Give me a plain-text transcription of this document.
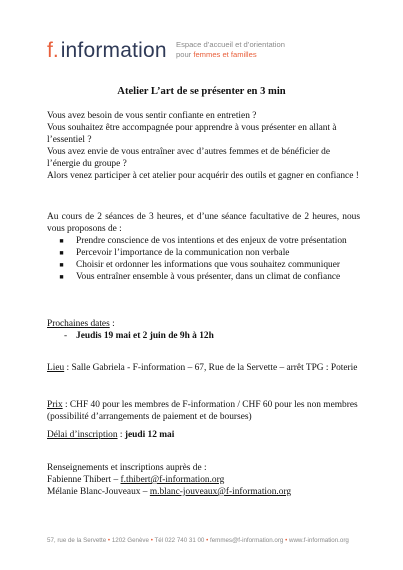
f . information Espace d’accueil et d’orientation
pour femmes et familles
Atelier L’art de se présenter en 3 min
Vous avez besoin de vous sentir confiante en entretien ?
Vous souhaitez être accompagnée pour apprendre à vous présenter en allant à l’essentiel ?
Vous avez envie de vous entraîner avec d’autres femmes et de bénéficier de l’énergie du groupe ?
Alors venez participer à cet atelier pour acquérir des outils et gagner en confiance !
Au cours de 2 séances de 3 heures, et d’une séance facultative de 2 heures, nous vous proposons de :
■	Prendre conscience de vos intentions et des enjeux de votre présentation
■	Percevoir l’importance de la communication non verbale
■	Choisir et ordonner les informations que vous souhaitez communiquer
■	Vous entraîner ensemble à vous présenter, dans un climat de confiance
Prochaines dates :
- Jeudis 19 mai et 2 juin de 9h à 12h
Lieu : Salle Gabriela - F-information – 67, Rue de la Servette – arrêt TPG : Poterie
Prix : CHF 40 pour les membres de F-information / CHF 60 pour les non membres (possibilité d’arrangements de paiement et de bourses)
Délai d’inscription : jeudi 12 mai
Renseignements et inscriptions auprès de :
Fabienne Thibert – f.thibert@f-information.org
Mélanie Blanc-Jouveaux – m.blanc-jouveaux@f-information.org
57, rue de la Servette • 1202 Genève • Tél 022 740 31 00 • femmes@f-information.org • www.f-information.org
